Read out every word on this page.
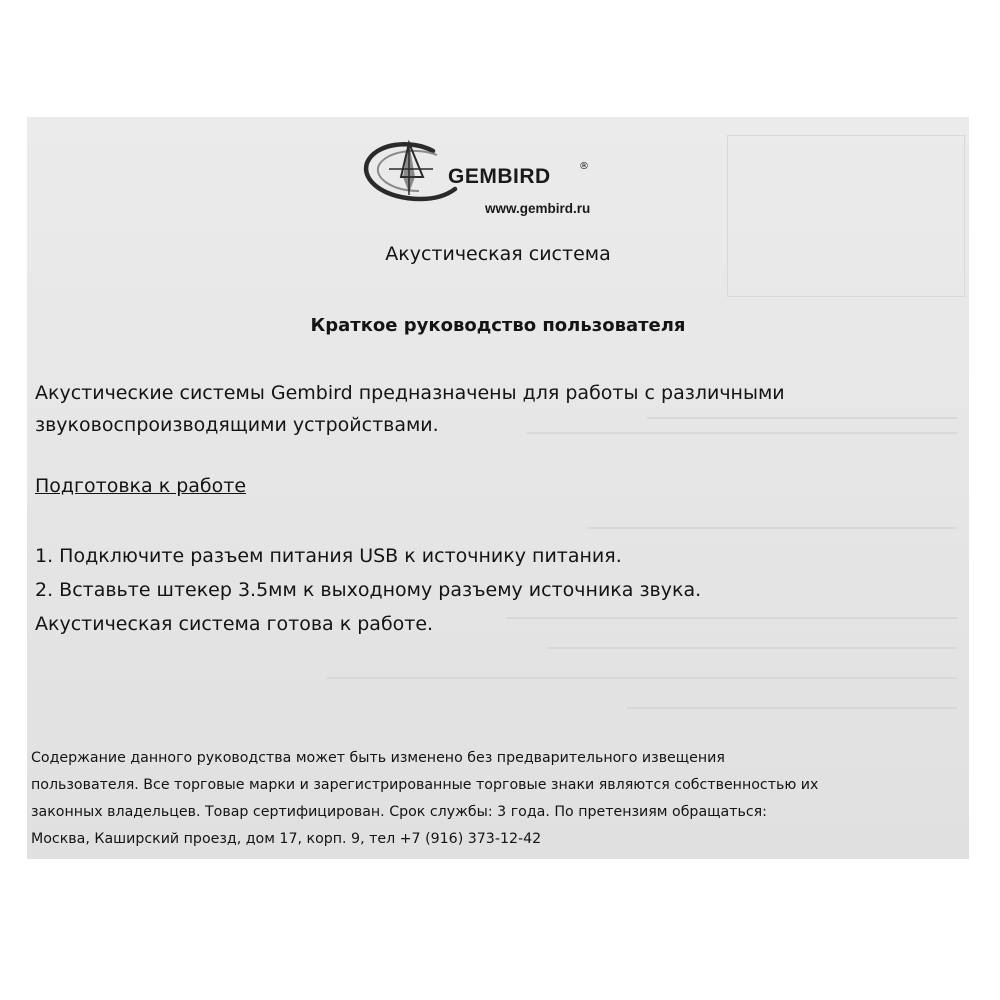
GEMBIRD	®
www.gembird.ru
Акустическая система
Краткое руководство пользователя
Акустические системы Gembird предназначены для работы с различными
звуковоспроизводящими устройствами.
Подготовка к работе
1. Подключите разъем питания USB к источнику питания.
2. Вставьте штекер 3.5мм к выходному разъему источника звука.
Акустическая система готова к работе.
Содержание данного руководства может быть изменено без предварительного извещения
пользователя. Все торговые марки и зарегистрированные торговые знаки являются собственностью их
законных владельцев. Товар сертифицирован. Срок службы: 3 года. По претензиям обращаться:
Москва, Каширский проезд, дом 17, корп. 9, тел +7 (916) 373-12-42
